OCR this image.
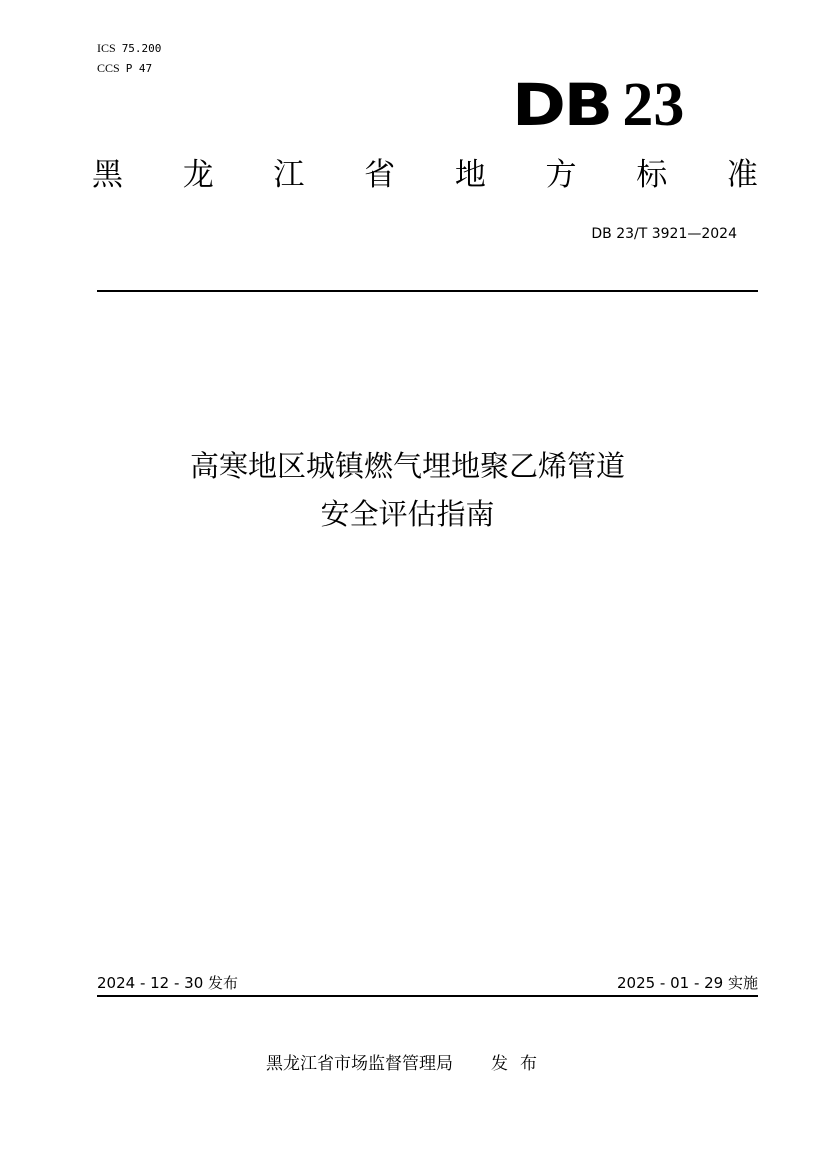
ICS 75.200
CCS P 47
DB 23
黑 龙 江 省 地 方 标 准
DB 23/T 3921—2024
高寒地区城镇燃气埋地聚乙烯管道
安全评估指南
2024 - 12 - 30 发布	2025 - 01 - 29 实施
黑龙江省市场监督管理局 发布
